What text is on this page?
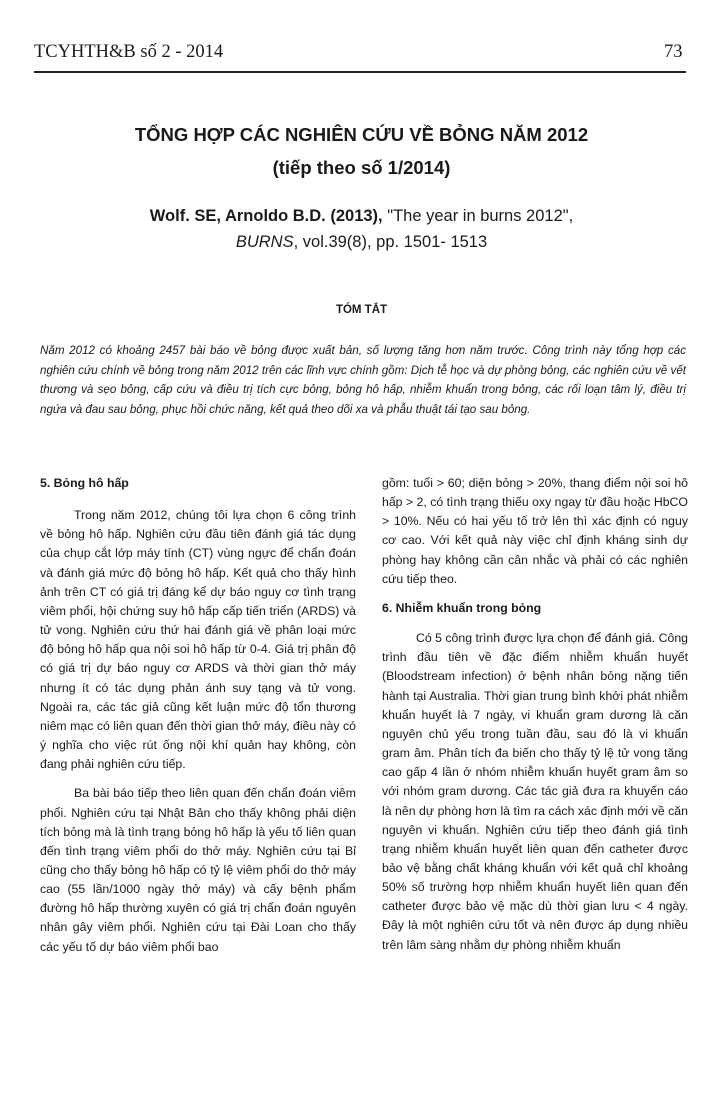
TCYHTH&B số 2 - 2014	73
TỔNG HỢP CÁC NGHIÊN CỨU VỀ BỎNG NĂM 2012
(tiếp theo số 1/2014)
Wolf. SE, Arnoldo B.D. (2013), "The year in burns 2012",
BURNS, vol.39(8), pp. 1501- 1513
TÓM TẮT
Năm 2012 có khoảng 2457 bài báo về bỏng được xuất bản, số lượng tăng hơn năm trước. Công trình này tổng hợp các nghiên cứu chính về bỏng trong năm 2012 trên các lĩnh vực chính gồm: Dịch tễ học và dự phòng bỏng, các nghiên cứu về vết thương và sẹo bỏng, cấp cứu và điều trị tích cực bỏng, bỏng hô hấp, nhiễm khuẩn trong bỏng, các rối loạn tâm lý, điều trị ngứa và đau sau bỏng, phục hồi chức năng, kết quả theo dõi xa và phẫu thuật tái tạo sau bỏng.
5. Bỏng hô hấp

Trong năm 2012, chúng tôi lựa chọn 6 công trình về bỏng hô hấp. Nghiên cứu đầu tiên đánh giá tác dụng của chụp cắt lớp máy tính (CT) vùng ngực để chẩn đoán và đánh giá mức độ bỏng hô hấp. Kết quả cho thấy hình ảnh trên CT có giá trị đáng kể dự báo nguy cơ tình trạng viêm phổi, hội chứng suy hô hấp cấp tiến triển (ARDS) và tử vong. Nghiên cứu thứ hai đánh giá về phân loại mức độ bỏng hô hấp qua nội soi hô hấp từ 0-4. Giá trị phân độ có giá trị dự báo nguy cơ ARDS và thời gian thở máy nhưng ít có tác dụng phản ánh suy tạng và tử vong. Ngoài ra, các tác giả cũng kết luận mức độ tổn thương niêm mạc có liên quan đến thời gian thở máy, điều này có ý nghĩa cho việc rút ống nội khí quản hay không, còn đang phải nghiên cứu tiếp.

Ba bài báo tiếp theo liên quan đến chẩn đoán viêm phổi. Nghiên cứu tại Nhật Bản cho thấy không phải diện tích bỏng mà là tình trạng bỏng hô hấp là yếu tố liên quan đến tình trạng viêm phổi do thở máy. Nghiên cứu tại Bỉ cũng cho thấy bỏng hô hấp có tỷ lệ viêm phổi do thở máy cao (55 lần/1000 ngày thở máy) và cấy bệnh phẩm đường hô hấp thường xuyên có giá trị chẩn đoán nguyên nhân gây viêm phổi. Nghiên cứu tại Đài Loan cho thấy các yếu tố dự báo viêm phổi bao

gồm: tuổi > 60; diện bỏng > 20%, thang điểm nội soi hô hấp > 2, có tình trạng thiếu oxy ngay từ đầu hoặc HbCO > 10%. Nếu có hai yếu tố trở lên thì xác định có nguy cơ cao. Với kết quả này việc chỉ định kháng sinh dự phòng hay không cần cân nhắc và phải có các nghiên cứu tiếp theo.

6. Nhiễm khuẩn trong bỏng

Có 5 công trình được lựa chọn để đánh giá. Công trình đầu tiên về đặc điểm nhiễm khuẩn huyết (Bloodstream infection) ở bệnh nhân bỏng nặng tiến hành tại Australia. Thời gian trung bình khởi phát nhiễm khuẩn huyết là 7 ngày, vi khuẩn gram dương là căn nguyên chủ yếu trong tuần đầu, sau đó là vi khuẩn gram âm. Phân tích đa biến cho thấy tỷ lệ tử vong tăng cao gấp 4 lần ở nhóm nhiễm khuẩn huyết gram âm so với nhóm gram dương. Các tác giả đưa ra khuyến cáo là nên dự phòng hơn là tìm ra cách xác định mới về căn nguyên vi khuẩn. Nghiên cứu tiếp theo đánh giá tình trạng nhiễm khuẩn huyết liên quan đến catheter được bảo vệ bằng chất kháng khuẩn với kết quả chỉ khoảng 50% số trường hợp nhiễm khuẩn huyết liên quan đến catheter được bảo vệ mặc dù thời gian lưu < 4 ngày. Đây là một nghiên cứu tốt và nên được áp dụng nhiều trên lâm sàng nhằm dự phòng nhiễm khuẩn
